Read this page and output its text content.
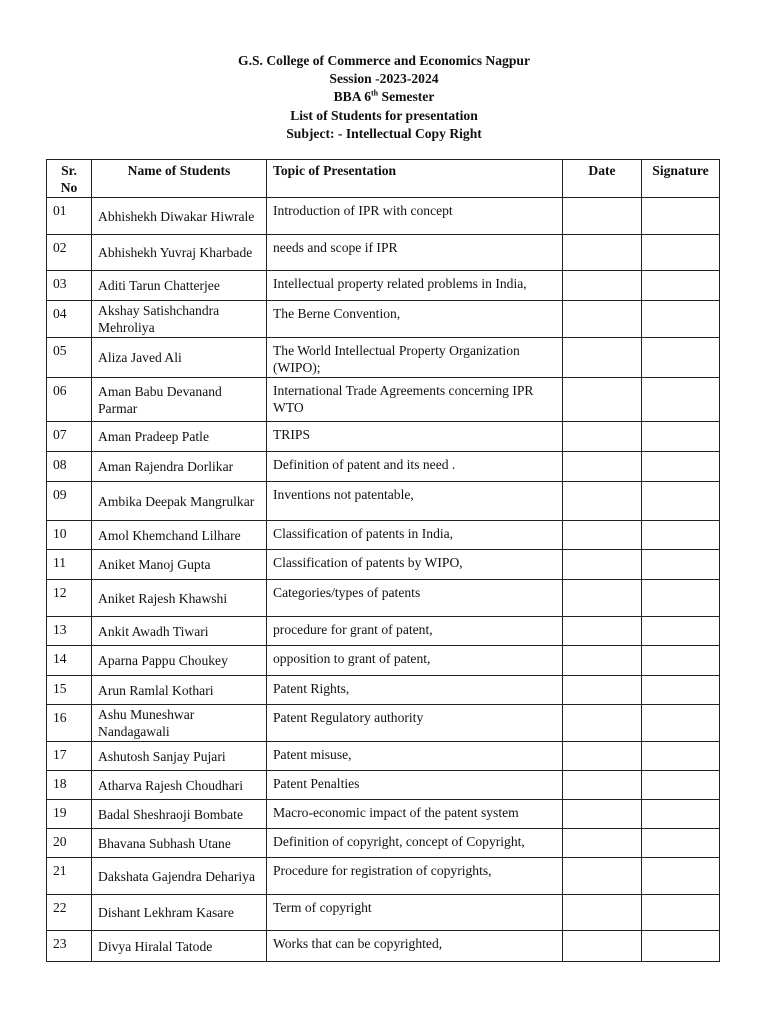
G.S. College of Commerce and Economics Nagpur
Session -2023-2024
BBA 6th Semester
List of Students for presentation
Subject: - Intellectual Copy Right
Sr.
No	Name of Students	Topic of Presentation	Date	Signature
01	Abhishekh Diwakar Hiwrale	Introduction of IPR with concept		
02	Abhishekh Yuvraj Kharbade	needs and scope if IPR		
03	Aditi Tarun Chatterjee	Intellectual property related problems in India,		
04	Akshay Satishchandra Mehroliya	The Berne Convention,		
05	Aliza Javed Ali	The World Intellectual Property Organization (WIPO);		
06	Aman Babu Devanand Parmar	International Trade Agreements concerning IPR WTO		
07	Aman Pradeep Patle	TRIPS		
08	Aman Rajendra Dorlikar	Definition of patent and its need .		
09	Ambika Deepak Mangrulkar	Inventions not patentable,		
10	Amol Khemchand Lilhare	Classification of patents in India,		
11	Aniket Manoj Gupta	Classification of patents by WIPO,		
12	Aniket Rajesh Khawshi	Categories/types of patents		
13	Ankit Awadh Tiwari	procedure for grant of patent,		
14	Aparna Pappu Choukey	opposition to grant of patent,		
15	Arun Ramlal Kothari	Patent Rights,		
16	Ashu Muneshwar Nandagawali	Patent Regulatory authority		
17	Ashutosh Sanjay Pujari	Patent misuse,		
18	Atharva Rajesh Choudhari	Patent Penalties		
19	Badal Sheshraoji Bombate	Macro-economic impact of the patent system		
20	Bhavana Subhash Utane	Definition of copyright, concept of Copyright,		
21	Dakshata Gajendra Dehariya	Procedure for registration of copyrights,		
22	Dishant Lekhram Kasare	Term of copyright		
23	Divya Hiralal Tatode	Works that can be copyrighted,		
